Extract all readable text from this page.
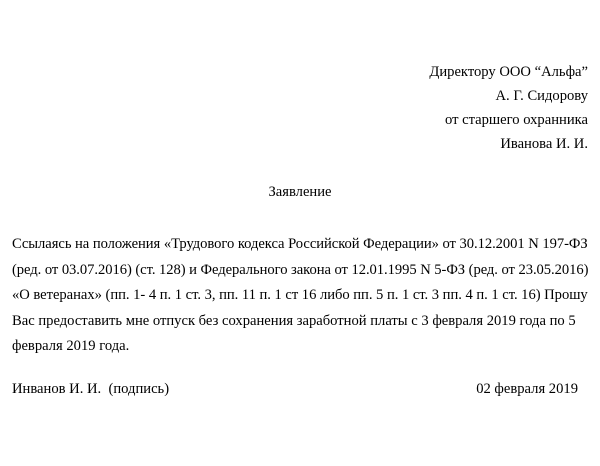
Директору ООО “Альфа”
А. Г. Сидорову
от старшего охранника
Иванова И. И.
Заявление
Ссылаясь на положения «Трудового кодекса Российской Федерации» от 30.12.2001 N 197-ФЗ
(ред. от 03.07.2016) (ст. 128) и Федерального закона от 12.01.1995 N 5-ФЗ (ред. от 23.05.2016)
«О ветеранах» (пп. 1- 4 п. 1 ст. 3, пп. 11 п. 1 ст 16 либо пп. 5 п. 1 ст. 3 пп. 4 п. 1 ст. 16) Прошу
Вас предоставить мне отпуск без сохранения заработной платы с 3 февраля 2019 года по 5
февраля 2019 года.
Инванов И. И.  (подпись)	02 февраля 2019
